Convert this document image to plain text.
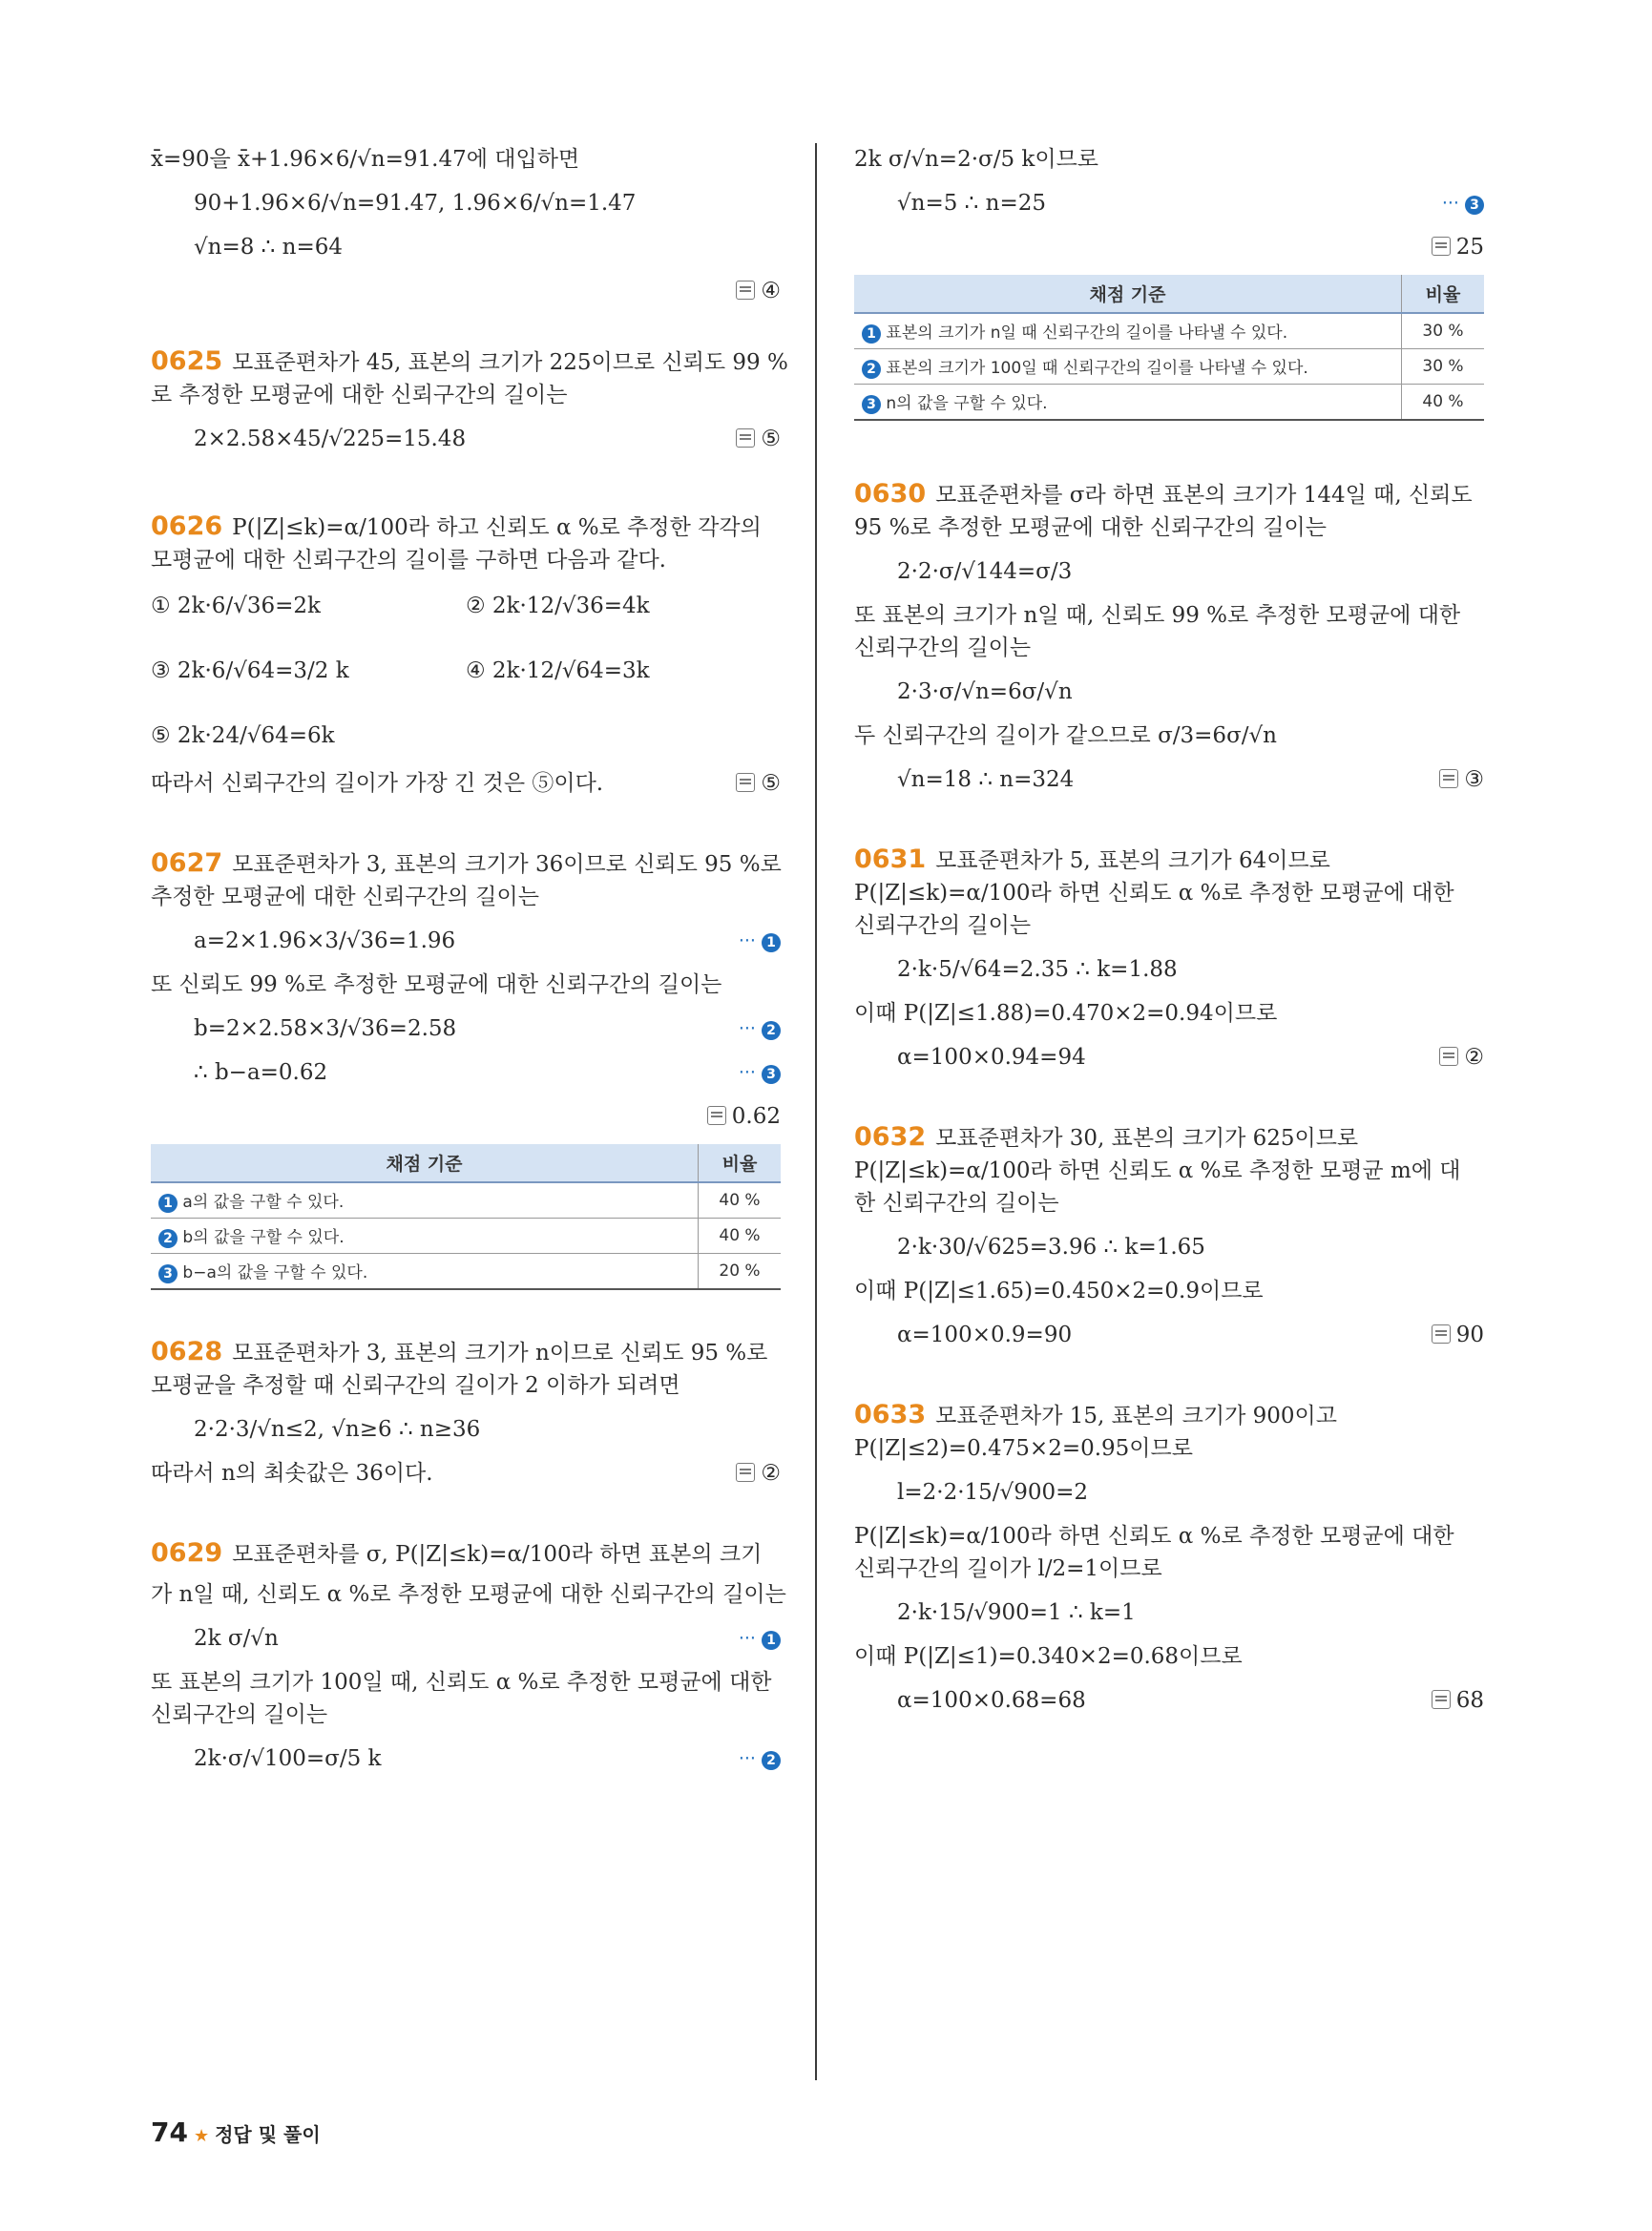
x̄=90을 x̄+1.96×6/√n=91.47에 대입하면

90+1.96×6/√n=91.47, 1.96×6/√n=1.47

√n=8 ∴ n=64

④

0625 모표준편차가 45, 표본의 크기가 225이므로 신뢰도 99 %

로 추정한 모평균에 대한 신뢰구간의 길이는

2×2.58×45/√225=15.48	⑤

0626 P(|Z|≤k)=α/100라 하고 신뢰도 α %로 추정한 각각의

모평균에 대한 신뢰구간의 길이를 구하면 다음과 같다.

① 2k·6/√36=2k	② 2k·12/√36=4k

③ 2k·6/√64=3/2 k	④ 2k·12/√64=3k

⑤ 2k·24/√64=6k

따라서 신뢰구간의 길이가 가장 긴 것은 ⑤이다.	⑤

0627 모표준편차가 3, 표본의 크기가 36이므로 신뢰도 95 %로

추정한 모평균에 대한 신뢰구간의 길이는

a=2×1.96×3/√36=1.96	··· 1

또 신뢰도 99 %로 추정한 모평균에 대한 신뢰구간의 길이는

b=2×2.58×3/√36=2.58	··· 2

∴ b−a=0.62	··· 3

0.62

채점 기준	비율
1 a의 값을 구할 수 있다.	40 %
2 b의 값을 구할 수 있다.	40 %
3 b−a의 값을 구할 수 있다.	20 %

0628 모표준편차가 3, 표본의 크기가 n이므로 신뢰도 95 %로

모평균을 추정할 때 신뢰구간의 길이가 2 이하가 되려면

2·2·3/√n≤2, √n≥6 ∴ n≥36

따라서 n의 최솟값은 36이다.	②

0629 모표준편차를 σ, P(|Z|≤k)=α/100라 하면 표본의 크기

가 n일 때, 신뢰도 α %로 추정한 모평균에 대한 신뢰구간의 길이는

2k σ/√n	··· 1

또 표본의 크기가 100일 때, 신뢰도 α %로 추정한 모평균에 대한

신뢰구간의 길이는

2k·σ/√100=σ/5 k	··· 2

2k σ/√n=2·σ/5 k이므로

√n=5 ∴ n=25	··· 3

25

채점 기준	비율
1 표본의 크기가 n일 때 신뢰구간의 길이를 나타낼 수 있다.	30 %
2 표본의 크기가 100일 때 신뢰구간의 길이를 나타낼 수 있다.	30 %
3 n의 값을 구할 수 있다.	40 %

0630 모표준편차를 σ라 하면 표본의 크기가 144일 때, 신뢰도

95 %로 추정한 모평균에 대한 신뢰구간의 길이는

2·2·σ/√144=σ/3

또 표본의 크기가 n일 때, 신뢰도 99 %로 추정한 모평균에 대한

신뢰구간의 길이는

2·3·σ/√n=6σ/√n

두 신뢰구간의 길이가 같으므로 σ/3=6σ/√n

√n=18 ∴ n=324	③

0631 모표준편차가 5, 표본의 크기가 64이므로

P(|Z|≤k)=α/100라 하면 신뢰도 α %로 추정한 모평균에 대한

신뢰구간의 길이는

2·k·5/√64=2.35 ∴ k=1.88

이때 P(|Z|≤1.88)=0.470×2=0.94이므로

α=100×0.94=94	②

0632 모표준편차가 30, 표본의 크기가 625이므로

P(|Z|≤k)=α/100라 하면 신뢰도 α %로 추정한 모평균 m에 대

한 신뢰구간의 길이는

2·k·30/√625=3.96 ∴ k=1.65

이때 P(|Z|≤1.65)=0.450×2=0.9이므로

α=100×0.9=90	90

0633 모표준편차가 15, 표본의 크기가 900이고

P(|Z|≤2)=0.475×2=0.95이므로

l=2·2·15/√900=2

P(|Z|≤k)=α/100라 하면 신뢰도 α %로 추정한 모평균에 대한

신뢰구간의 길이가 l/2=1이므로

2·k·15/√900=1 ∴ k=1

이때 P(|Z|≤1)=0.340×2=0.68이므로

α=100×0.68=68	68

74 ★ 정답 및 풀이
